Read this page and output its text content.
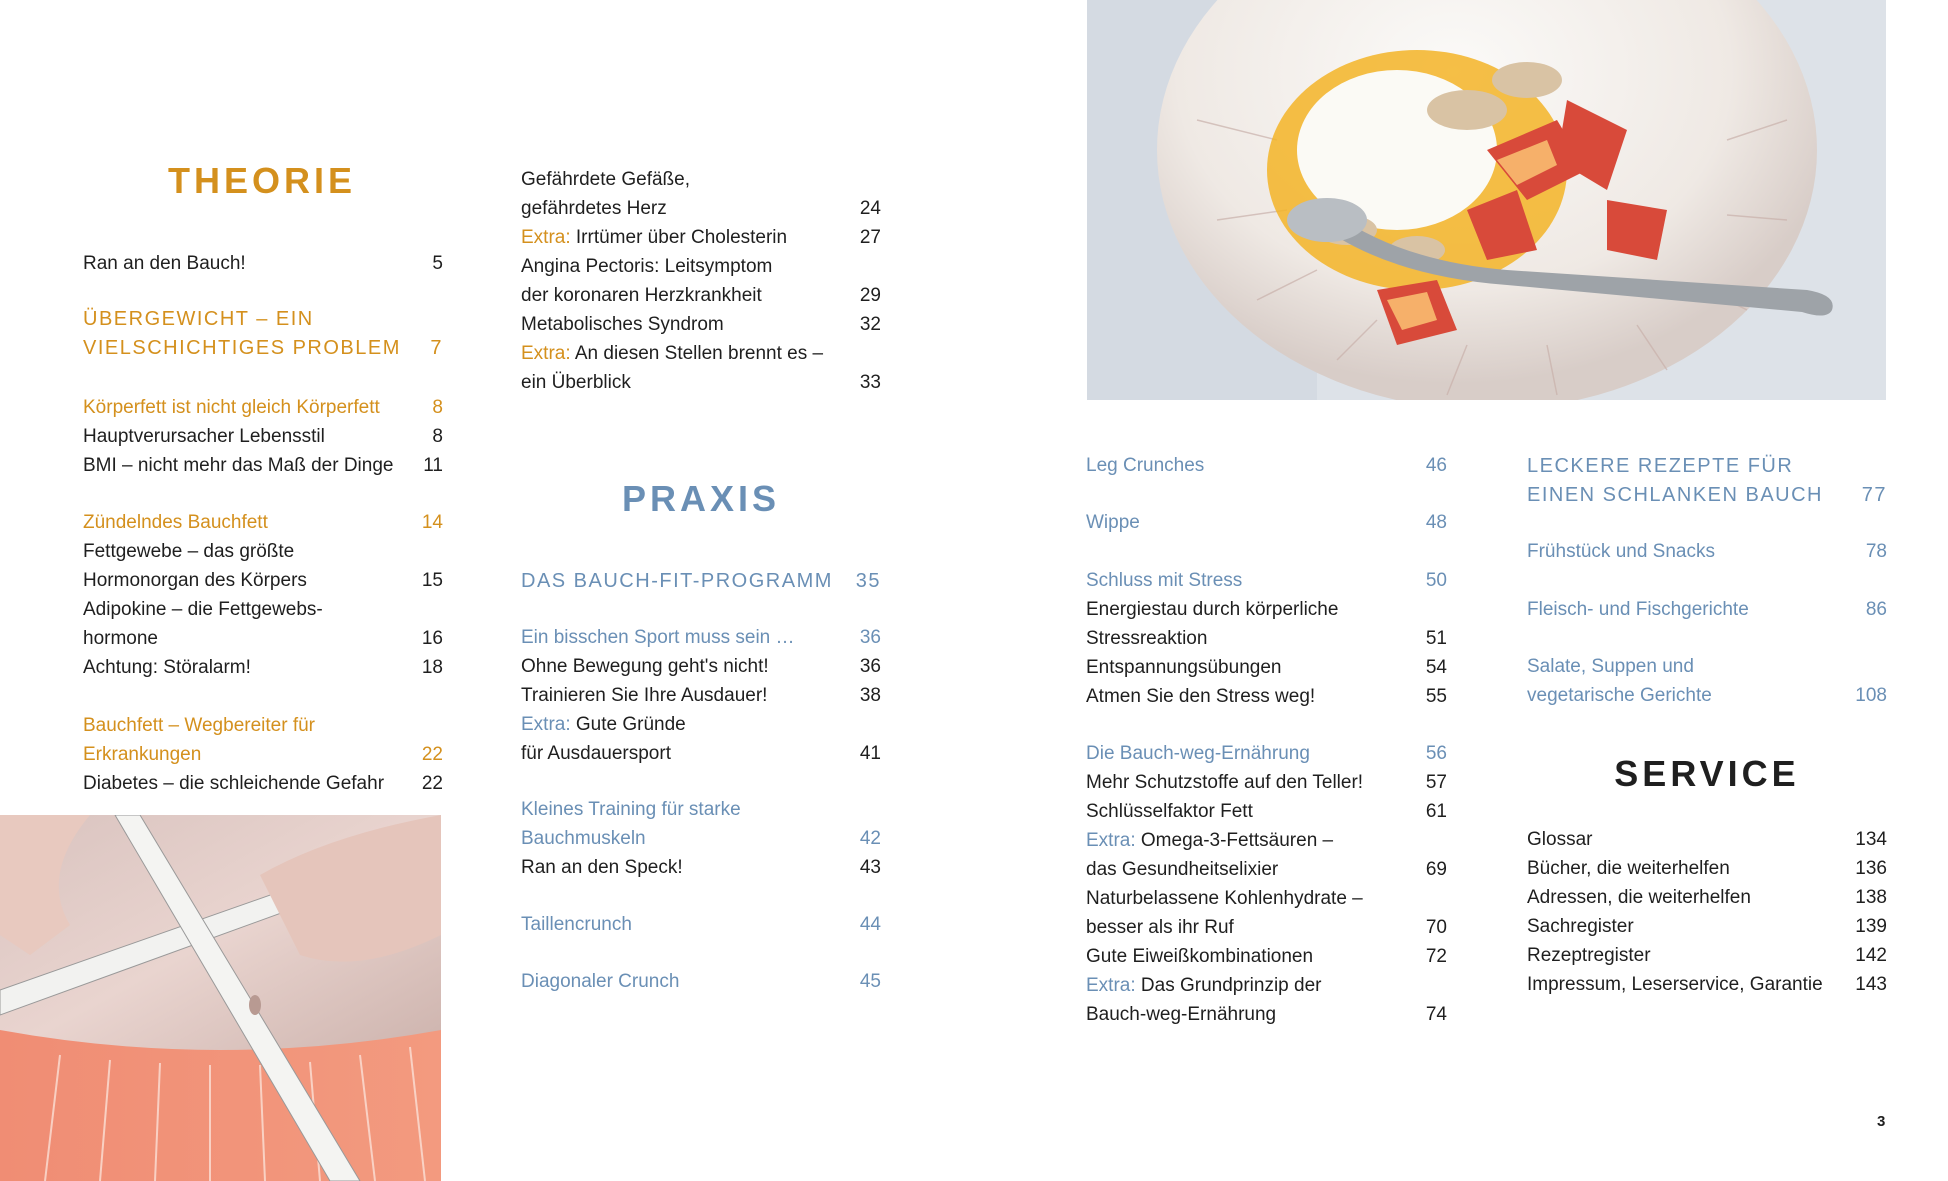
THEORIE
Ran an den Bauch!	5
ÜBERGEWICHT – EIN
VIELSCHICHTIGES PROBLEM 7
Körperfett ist nicht gleich Körperfett	8
Hauptverursacher Lebensstil	8
BMI – nicht mehr das Maß der Dinge 11
Zündelndes Bauchfett	14
Fettgewebe – das größte
Hormonorgan des Körpers	15
Adipokine – die Fettgewebs-
hormone	16
Achtung: Störalarm!	18
Bauchfett – Wegbereiter für
Erkrankungen	22
Diabetes – die schleichende Gefahr 22
Gefährdete Gefäße,
gefährdetes Herz	24
Extra: Irrtümer über Cholesterin	27
Angina Pectoris: Leitsymptom
der koronaren Herzkrankheit	29
Metabolisches Syndrom	32
Extra: An diesen Stellen brennt es –
ein Überblick	33
PRAXIS
DAS BAUCH-FIT-PROGRAMM 35
Ein bisschen Sport muss sein …	36
Ohne Bewegung geht's nicht!	36
Trainieren Sie Ihre Ausdauer!	38
Extra: Gute Gründe
für Ausdauersport	41
Kleines Training für starke
Bauchmuskeln	42
Ran an den Speck!	43
Taillencrunch	44
Diagonaler Crunch	45
Leg Crunches	46
Wippe	48
Schluss mit Stress	50
Energiestau durch körperliche
Stressreaktion	51
Entspannungsübungen	54
Atmen Sie den Stress weg!	55
Die Bauch-weg-Ernährung	56
Mehr Schutzstoffe auf den Teller!	57
Schlüsselfaktor Fett	61
Extra: Omega-3-Fettsäuren –
das Gesundheitselixier	69
Naturbelassene Kohlenhydrate –
besser als ihr Ruf	70
Gute Eiweißkombinationen	72
Extra: Das Grundprinzip der
Bauch-weg-Ernährung	74
LECKERE REZEPTE FÜR
EINEN SCHLANKEN BAUCH 77
Frühstück und Snacks	78
Fleisch- und Fischgerichte	86
Salate, Suppen und
vegetarische Gerichte	108
SERVICE
Glossar	134
Bücher, die weiterhelfen	136
Adressen, die weiterhelfen	138
Sachregister	139
Rezeptregister	142
Impressum, Leserservice, Garantie 143
3
